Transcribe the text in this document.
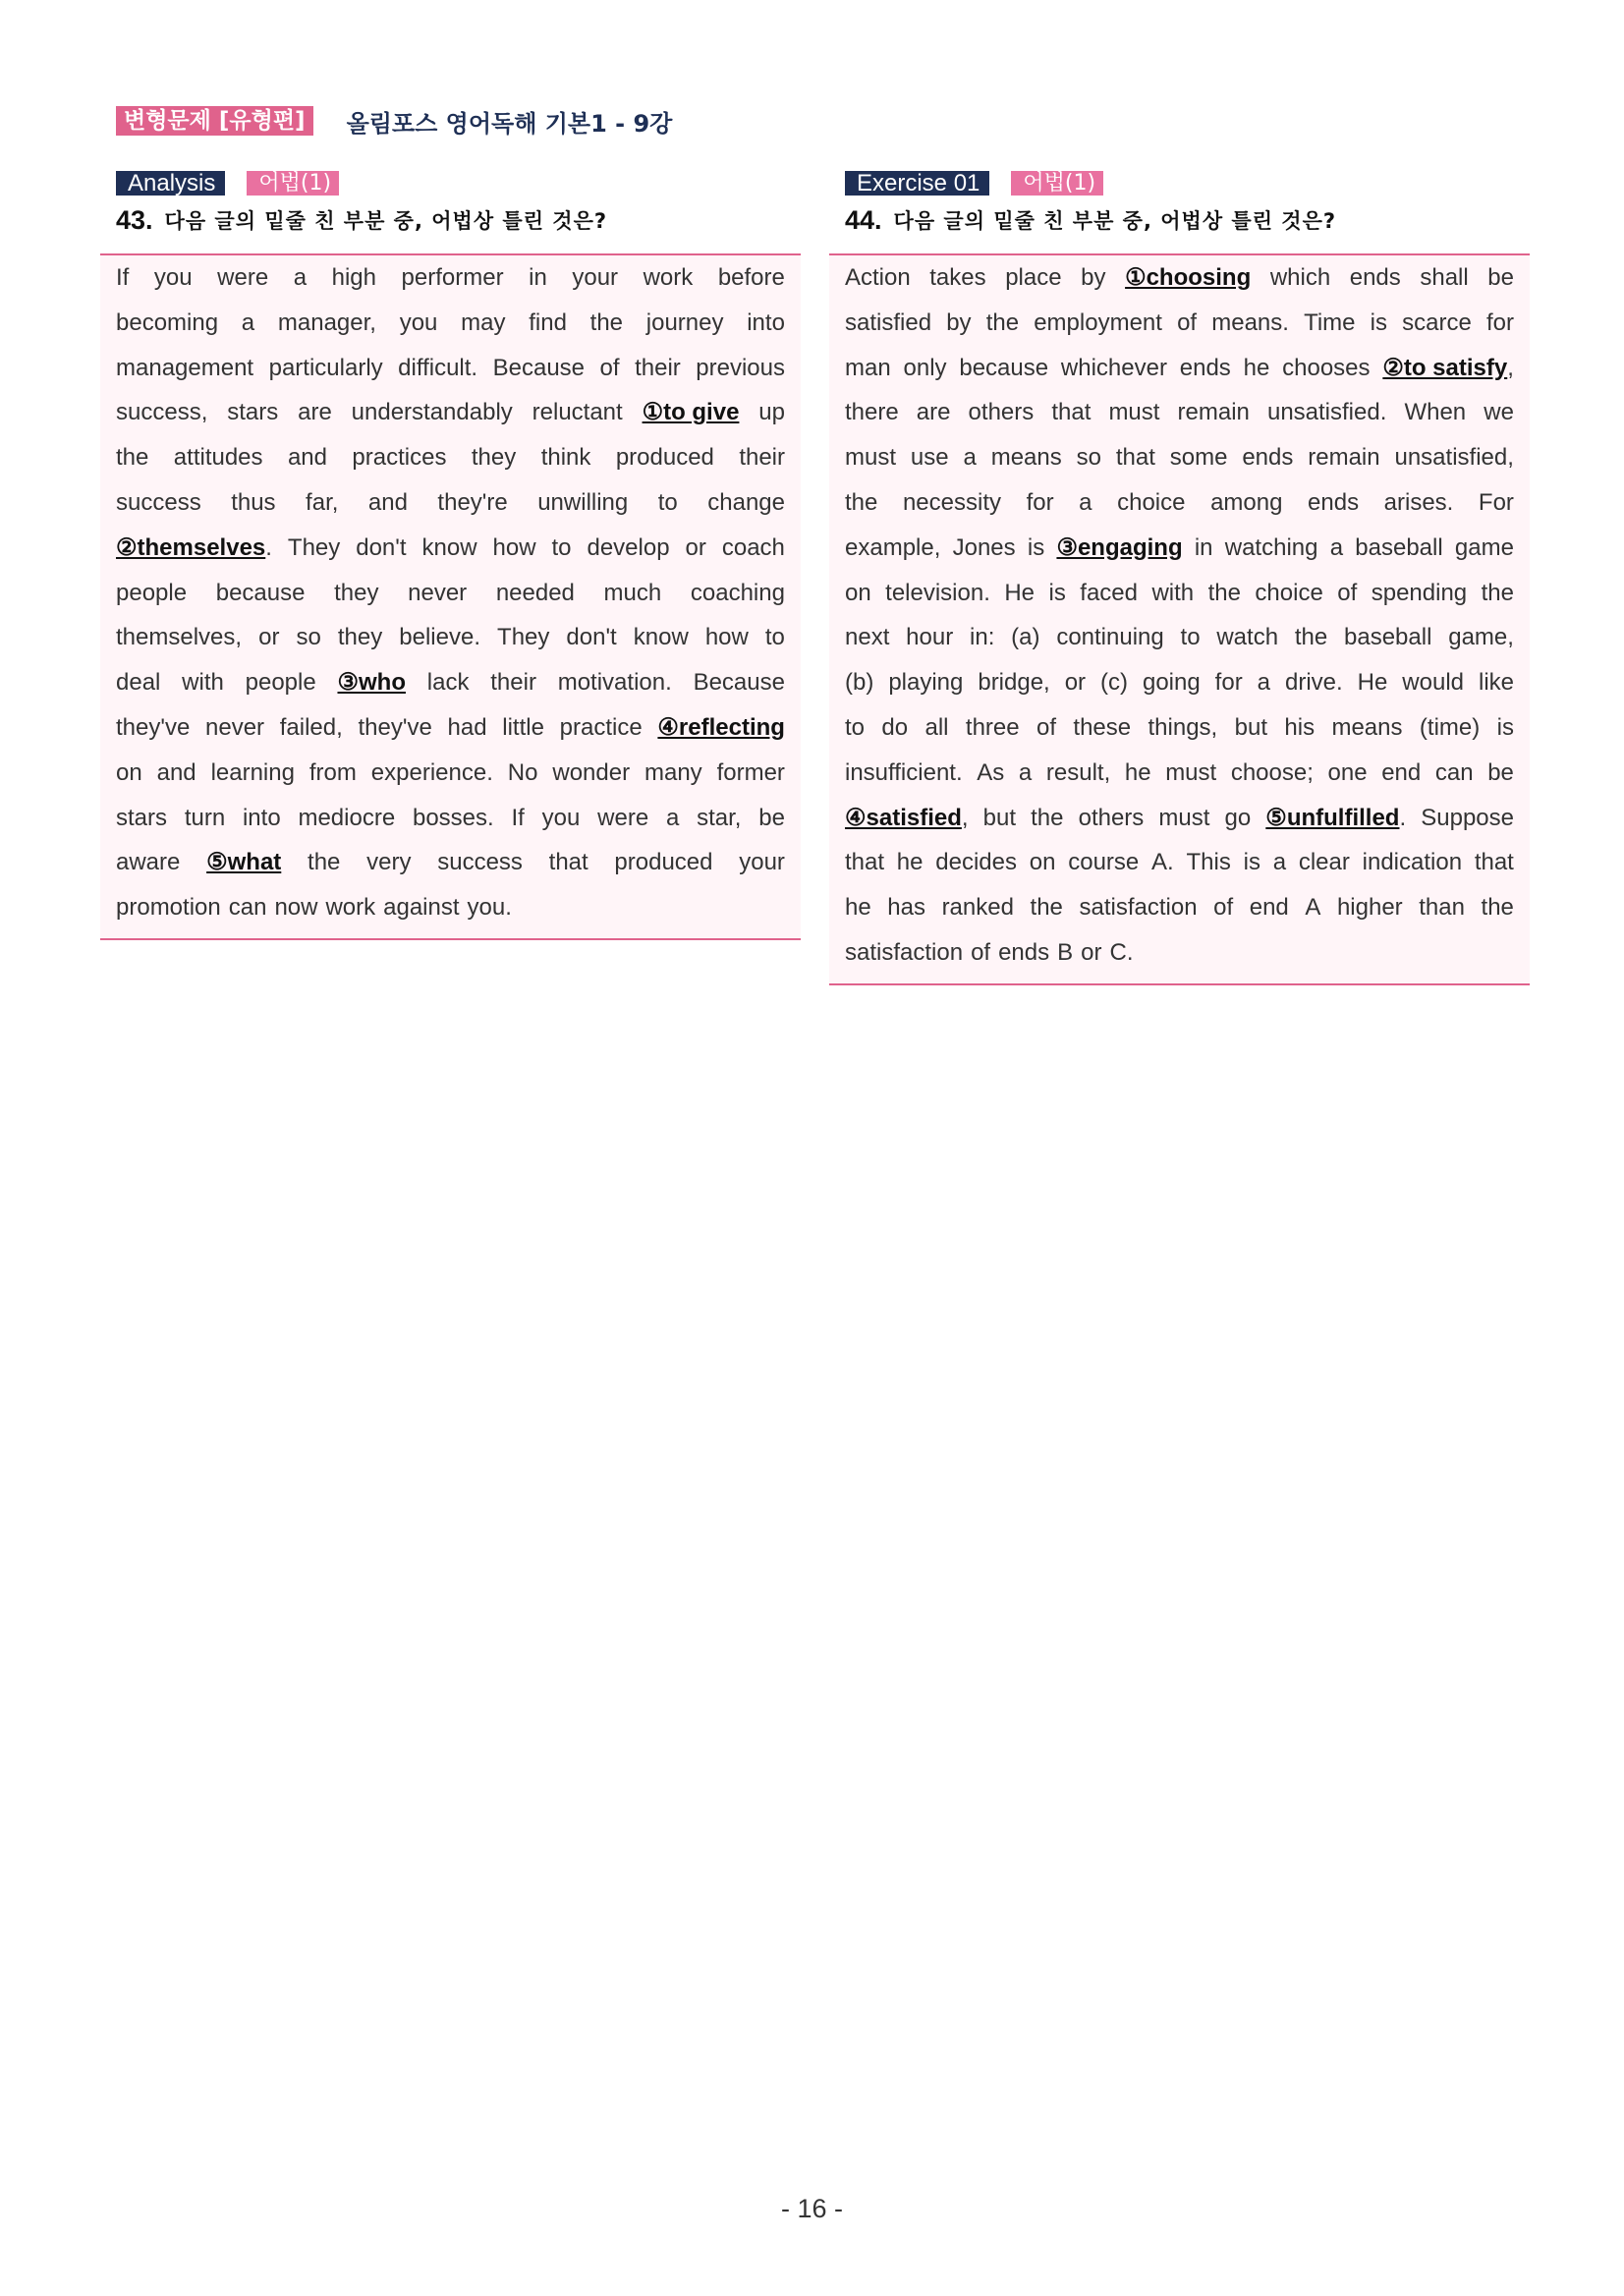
변형문제 [유형편]	올림포스 영어독해 기본1 - 9강
Analysis	어법(1)
43. 다음 글의 밑줄 친 부분 중, 어법상 틀린 것은?
If you were a high performer in your work before
becoming a manager, you may find the journey into
management particularly difficult. Because of their previous
success, stars are understandably reluctant ①to give up
the attitudes and practices they think produced their
success thus far, and they're unwilling to change
②themselves. They don't know how to develop or coach
people because they never needed much coaching
themselves, or so they believe. They don't know how to
deal with people ③who lack their motivation. Because
they've never failed, they've had little practice ④reflecting
on and learning from experience. No wonder many former
stars turn into mediocre bosses. If you were a star, be
aware ⑤what the very success that produced your
promotion can now work against you.
Exercise 01	어법(1)
44. 다음 글의 밑줄 친 부분 중, 어법상 틀린 것은?
Action takes place by ①choosing which ends shall be
satisfied by the employment of means. Time is scarce for
man only because whichever ends he chooses ②to satisfy,
there are others that must remain unsatisfied. When we
must use a means so that some ends remain unsatisfied,
the necessity for a choice among ends arises. For
example, Jones is ③engaging in watching a baseball game
on television. He is faced with the choice of spending the
next hour in: (a) continuing to watch the baseball game,
(b) playing bridge, or (c) going for a drive. He would like
to do all three of these things, but his means (time) is
insufficient. As a result, he must choose; one end can be
④satisfied, but the others must go ⑤unfulfilled. Suppose
that he decides on course A. This is a clear indication that
he has ranked the satisfaction of end A higher than the
satisfaction of ends B or C.
- 16 -
